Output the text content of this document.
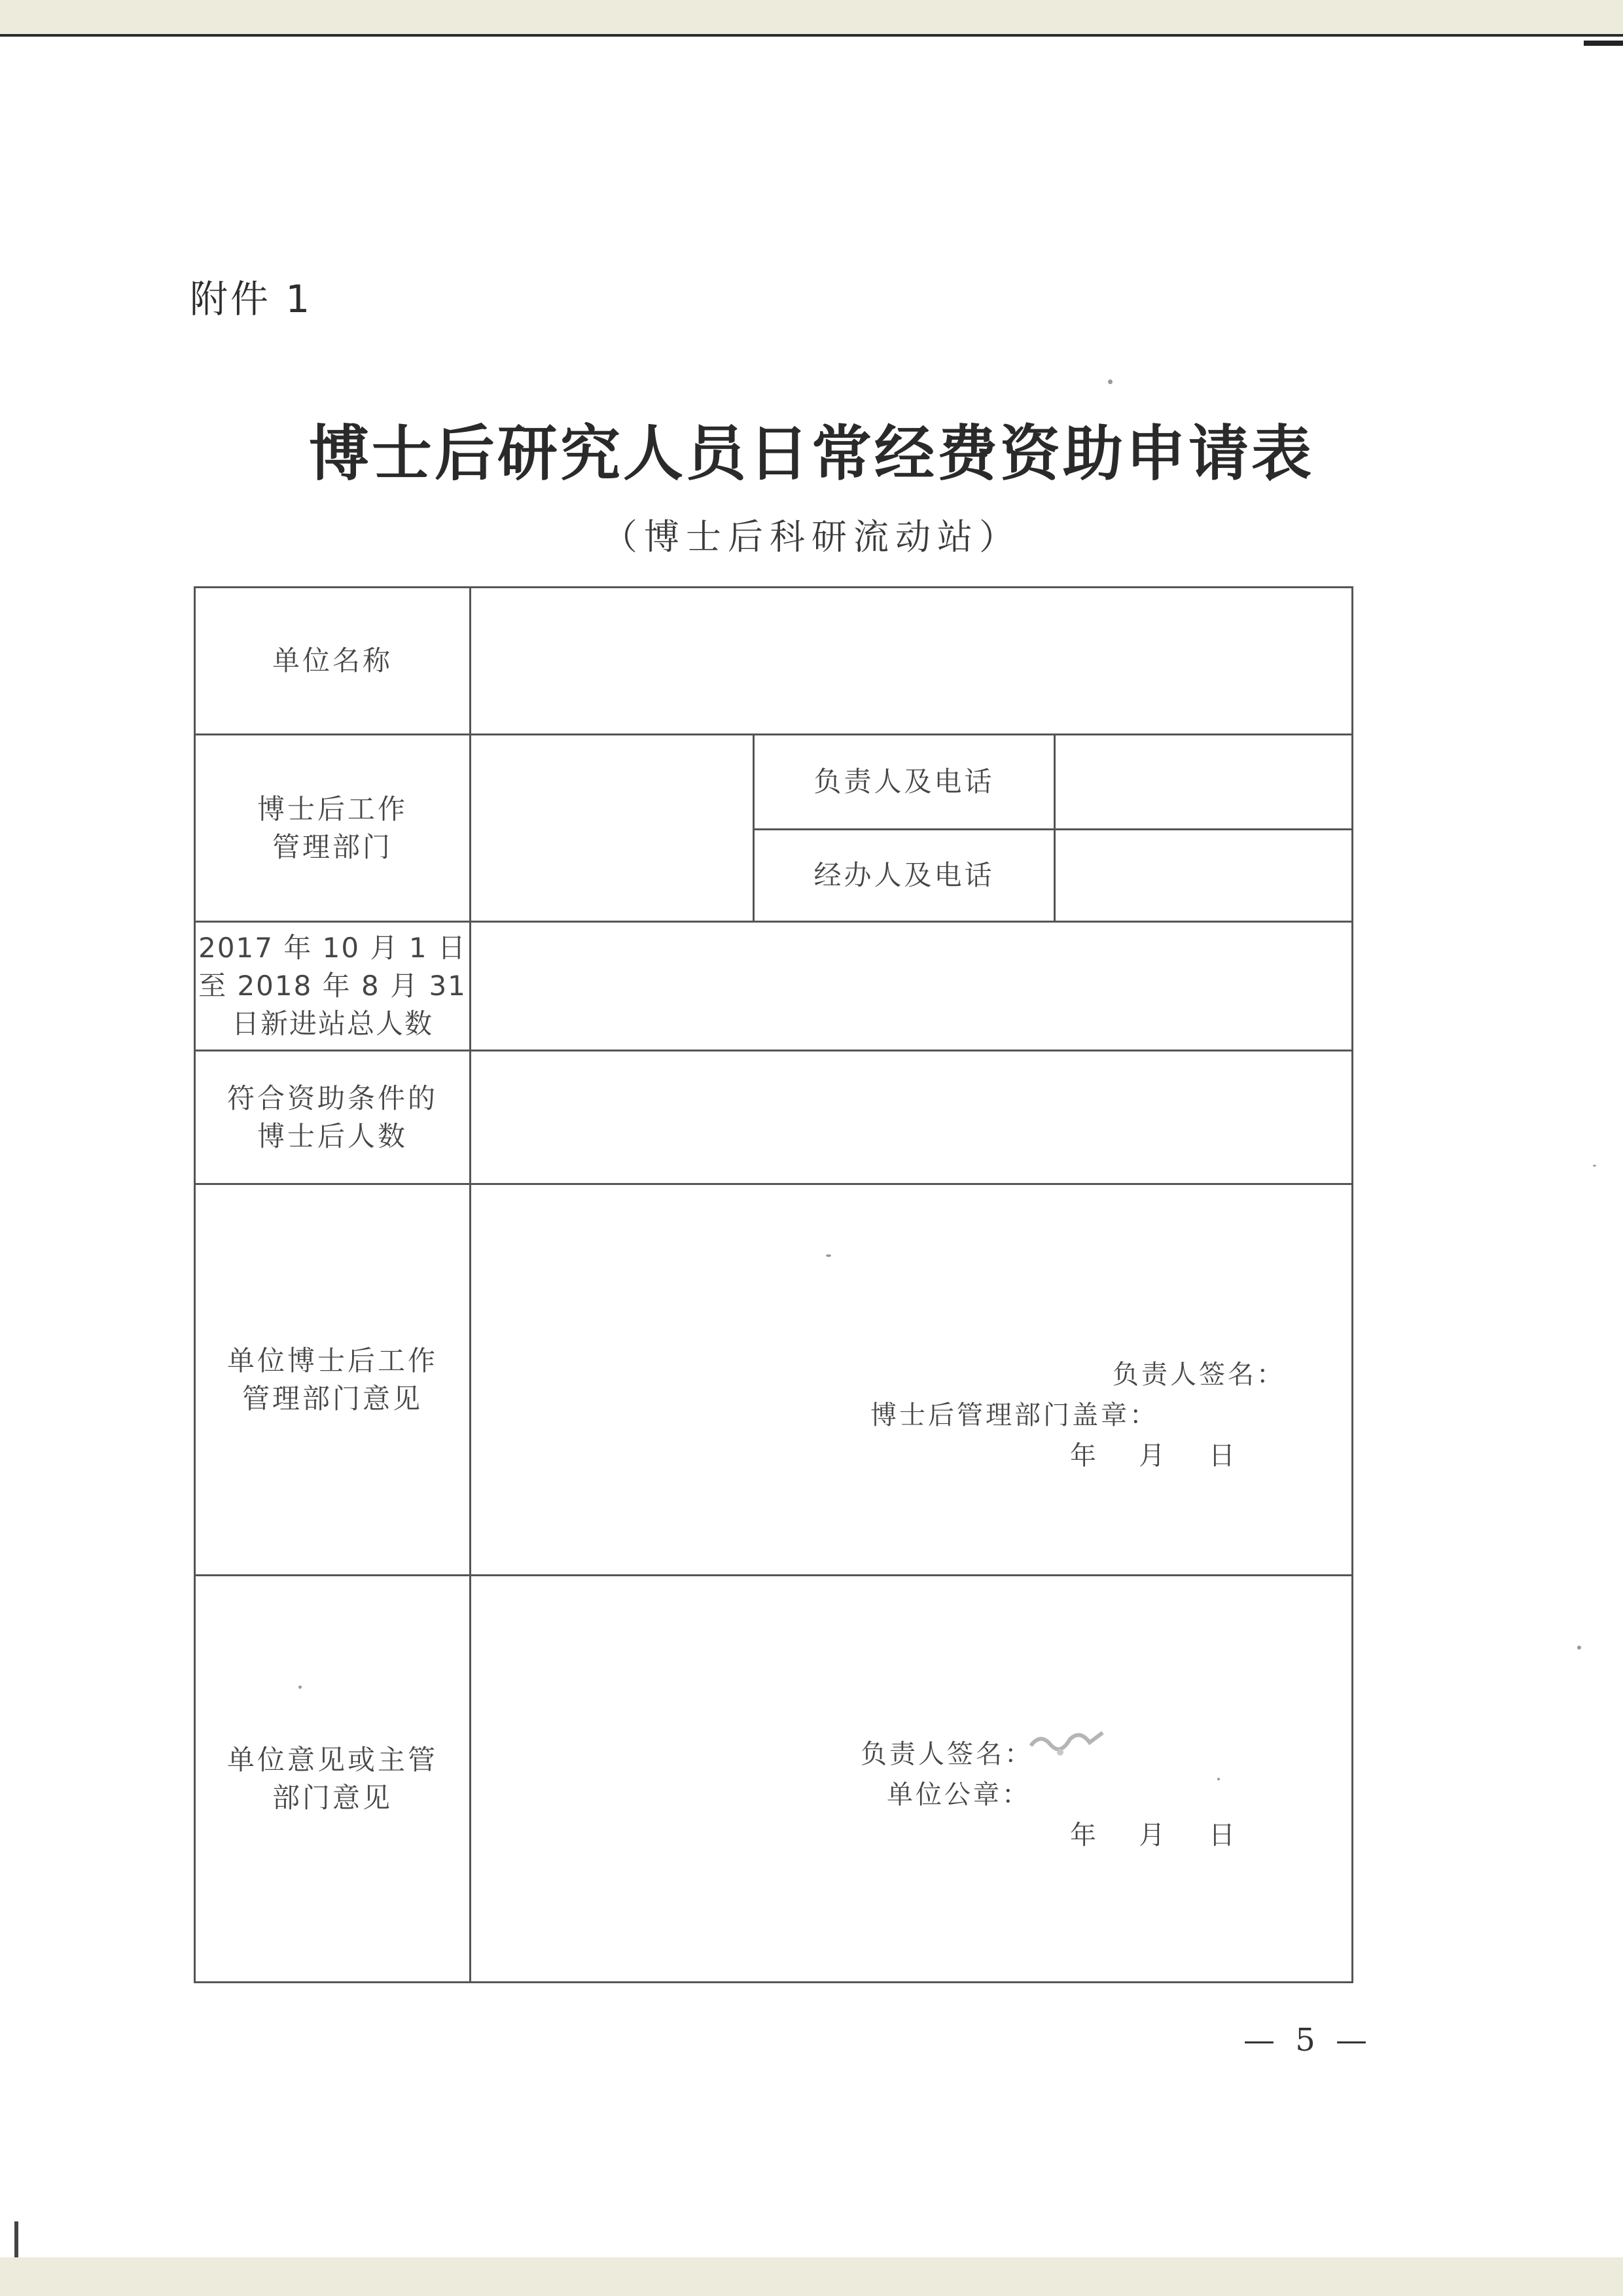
附件 1
博士后研究人员日常经费资助申请表
（博士后科研流动站）
单位名称
博士后工作
管理部门
负责人及电话
经办人及电话
2017 年 10 月 1 日
至 2018 年 8 月 31
日新进站总人数
符合资助条件的
博士后人数
单位博士后工作
管理部门意见
负责人签名：
博士后管理部门盖章：
年 月 日
单位意见或主管
部门意见
负责人签名：
单位公章：
年 月 日
— 5 —
